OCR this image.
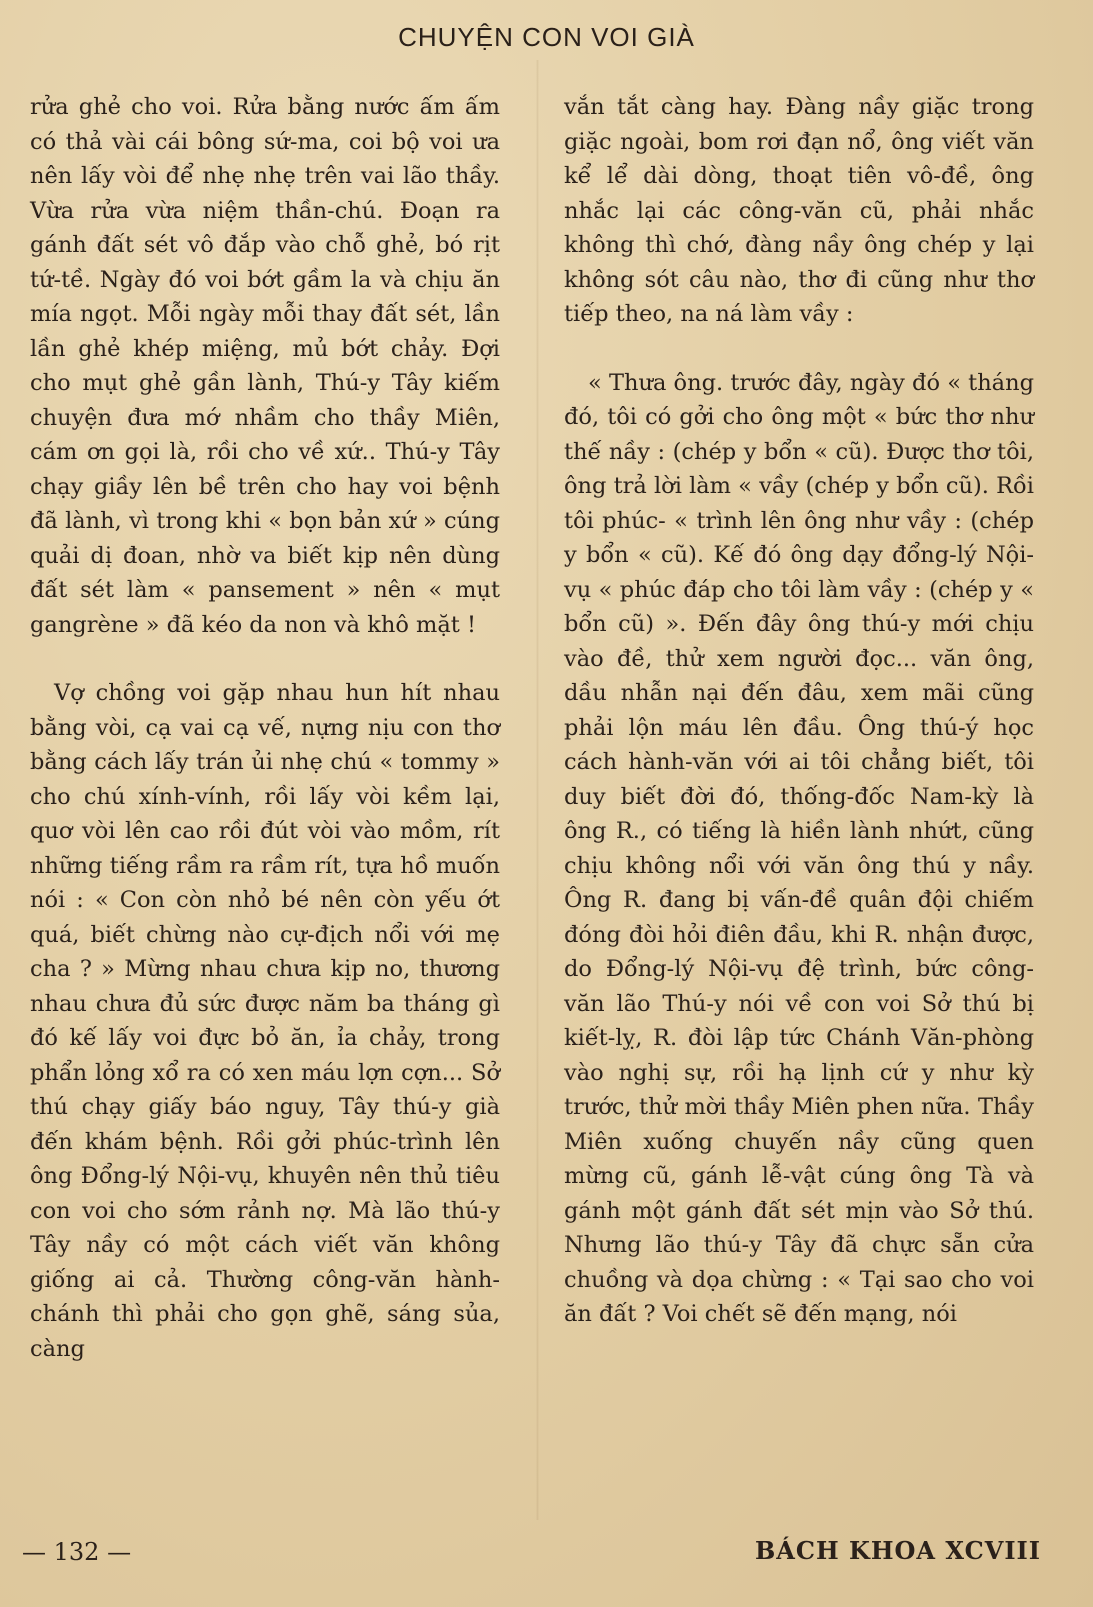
CHUYỆN CON VOI GIÀ

rửa ghẻ cho voi. Rửa bằng nước ấm ấm có thả vài cái bông sứ-ma, coi bộ voi ưa nên lấy vòi để nhẹ nhẹ trên vai lão thầy. Vừa rửa vừa niệm thần-chú. Đoạn ra gánh đất sét vô đắp vào chỗ ghẻ, bó rịt tứ-tề. Ngày đó voi bớt gầm la và chịu ăn mía ngọt. Mỗi ngày mỗi thay đất sét, lần lần ghẻ khép miệng, mủ bớt chảy. Đợi cho mụt ghẻ gần lành, Thú-y Tây kiếm chuyện đưa mớ nhầm cho thầy Miên, cám ơn gọi là, rồi cho về xứ.. Thú-y Tây chạy giầy lên bề trên cho hay voi bệnh đã lành, vì trong khi « bọn bản xứ » cúng quải dị đoan, nhờ va biết kịp nên dùng đất sét làm « pansement » nên « mụt gangrène » đã kéo da non và khô mặt !

Vợ chồng voi gặp nhau hun hít nhau bằng vòi, cạ vai cạ vế, nựng nịu con thơ bằng cách lấy trán ủi nhẹ chú « tommy » cho chú xính-vính, rồi lấy vòi kềm lại, quơ vòi lên cao rồi đút vòi vào mồm, rít những tiếng rầm ra rầm rít, tựa hồ muốn nói : « Con còn nhỏ bé nên còn yếu ớt quá, biết chừng nào cự-địch nổi với mẹ cha ? » Mừng nhau chưa kịp no, thương nhau chưa đủ sức được năm ba tháng gì đó kế lấy voi đực bỏ ăn, ỉa chảy, trong phẩn lỏng xổ ra có xen máu lợn cợn... Sở thú chạy giấy báo nguy, Tây thú-y già đến khám bệnh. Rồi gởi phúc-trình lên ông Đổng-lý Nội-vụ, khuyên nên thủ tiêu con voi cho sớm rảnh nợ. Mà lão thú-y Tây nầy có một cách viết văn không giống ai cả. Thường công-văn hành-chánh thì phải cho gọn ghẽ, sáng sủa, càng

vắn tắt càng hay. Đàng nầy giặc trong giặc ngoài, bom rơi đạn nổ, ông viết văn kể lể dài dòng, thoạt tiên vô-đề, ông nhắc lại các công-văn cũ, phải nhắc không thì chớ, đàng nầy ông chép y lại không sót câu nào, thơ đi cũng như thơ tiếp theo, na ná làm vầy :

« Thưa ông. trước đây, ngày đó « tháng đó, tôi có gởi cho ông một « bức thơ như thế nầy : (chép y bổn « cũ). Được thơ tôi, ông trả lời làm « vầy (chép y bổn cũ). Rồi tôi phúc- « trình lên ông như vầy : (chép y bổn « cũ). Kế đó ông dạy đổng-lý Nội-vụ « phúc đáp cho tôi làm vầy : (chép y « bổn cũ) ». Đến đây ông thú-y mới chịu vào đề, thử xem người đọc... văn ông, dầu nhẫn nại đến đâu, xem mãi cũng phải lộn máu lên đầu. Ông thú-ý học cách hành-văn với ai tôi chẳng biết, tôi duy biết đời đó, thống-đốc Nam-kỳ là ông R., có tiếng là hiền lành nhứt, cũng chịu không nổi với văn ông thú y nầy. Ông R. đang bị vấn-đề quân đội chiếm đóng đòi hỏi điên đầu, khi R. nhận được, do Đổng-lý Nội-vụ đệ trình, bức công-văn lão Thú-y nói về con voi Sở thú bị kiết-lỵ, R. đòi lập tức Chánh Văn-phòng vào nghị sự, rồi hạ lịnh cứ y như kỳ trước, thử mời thầy Miên phen nữa. Thầy Miên xuống chuyến nầy cũng quen mừng cũ, gánh lễ-vật cúng ông Tà và gánh một gánh đất sét mịn vào Sở thú. Nhưng lão thú-y Tây đã chực sẵn cửa chuồng và dọa chừng : « Tại sao cho voi ăn đất ? Voi chết sẽ đến mạng, nói

— 132 —	BÁCH KHOA XCVIII
